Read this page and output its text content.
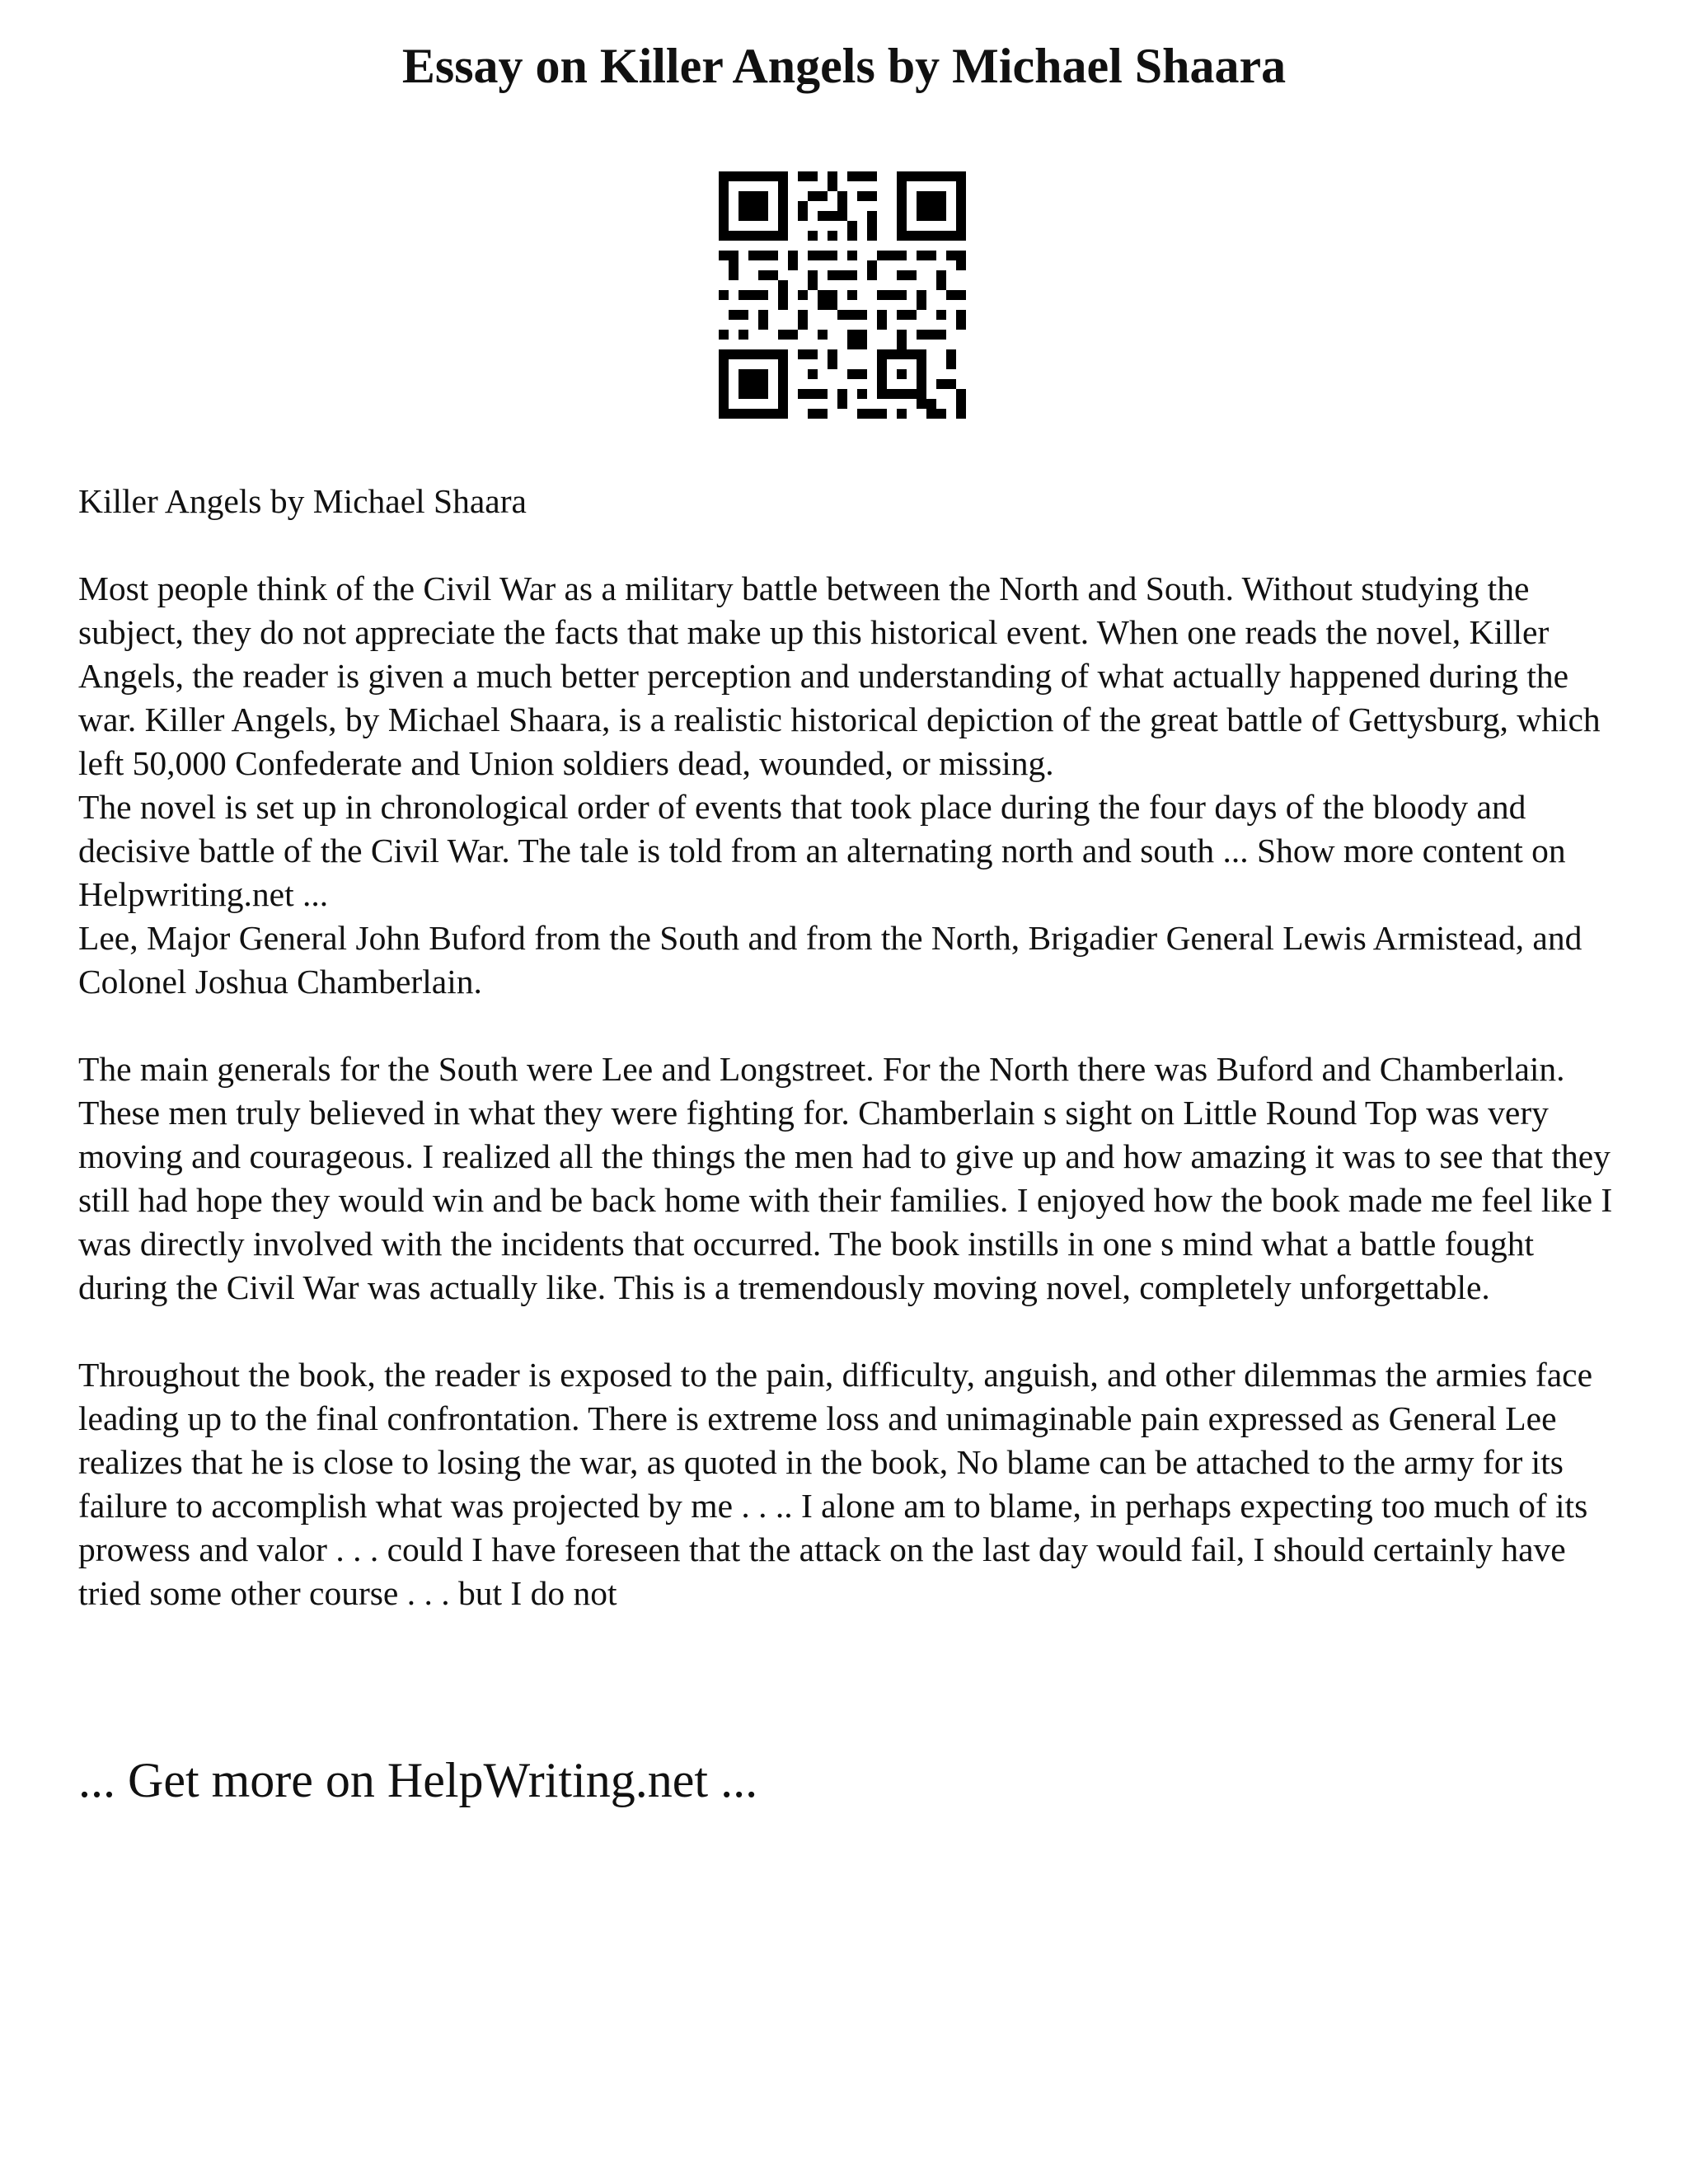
Essay on Killer Angels by Michael Shaara

Killer Angels by Michael Shaara

Most people think of the Civil War as a military battle between the North and South. Without studying the subject, they do not appreciate the facts that make up this historical event. When one reads the novel, Killer Angels, the reader is given a much better perception and understanding of what actually happened during the war. Killer Angels, by Michael Shaara, is a realistic historical depiction of the great battle of Gettysburg, which left 50,000 Confederate and Union soldiers dead, wounded, or missing.

The novel is set up in chronological order of events that took place during the four days of the bloody and decisive battle of the Civil War. The tale is told from an alternating north and south ... Show more content on Helpwriting.net ...

Lee, Major General John Buford from the South and from the North, Brigadier General Lewis Armistead, and Colonel Joshua Chamberlain.

The main generals for the South were Lee and Longstreet. For the North there was Buford and Chamberlain. These men truly believed in what they were fighting for. Chamberlain s sight on Little Round Top was very moving and courageous. I realized all the things the men had to give up and how amazing it was to see that they still had hope they would win and be back home with their families. I enjoyed how the book made me feel like I was directly involved with the incidents that occurred. The book instills in one s mind what a battle fought during the Civil War was actually like. This is a tremendously moving novel, completely unforgettable.

Throughout the book, the reader is exposed to the pain, difficulty, anguish, and other dilemmas the armies face leading up to the final confrontation. There is extreme loss and unimaginable pain expressed as General Lee realizes that he is close to losing the war, as quoted in the book, No blame can be attached to the army for its failure to accomplish what was projected by me . . .. I alone am to blame, in perhaps expecting too much of its prowess and valor . . . could I have foreseen that the attack on the last day would fail, I should certainly have tried some other course . . . but I do not

... Get more on HelpWriting.net ...
